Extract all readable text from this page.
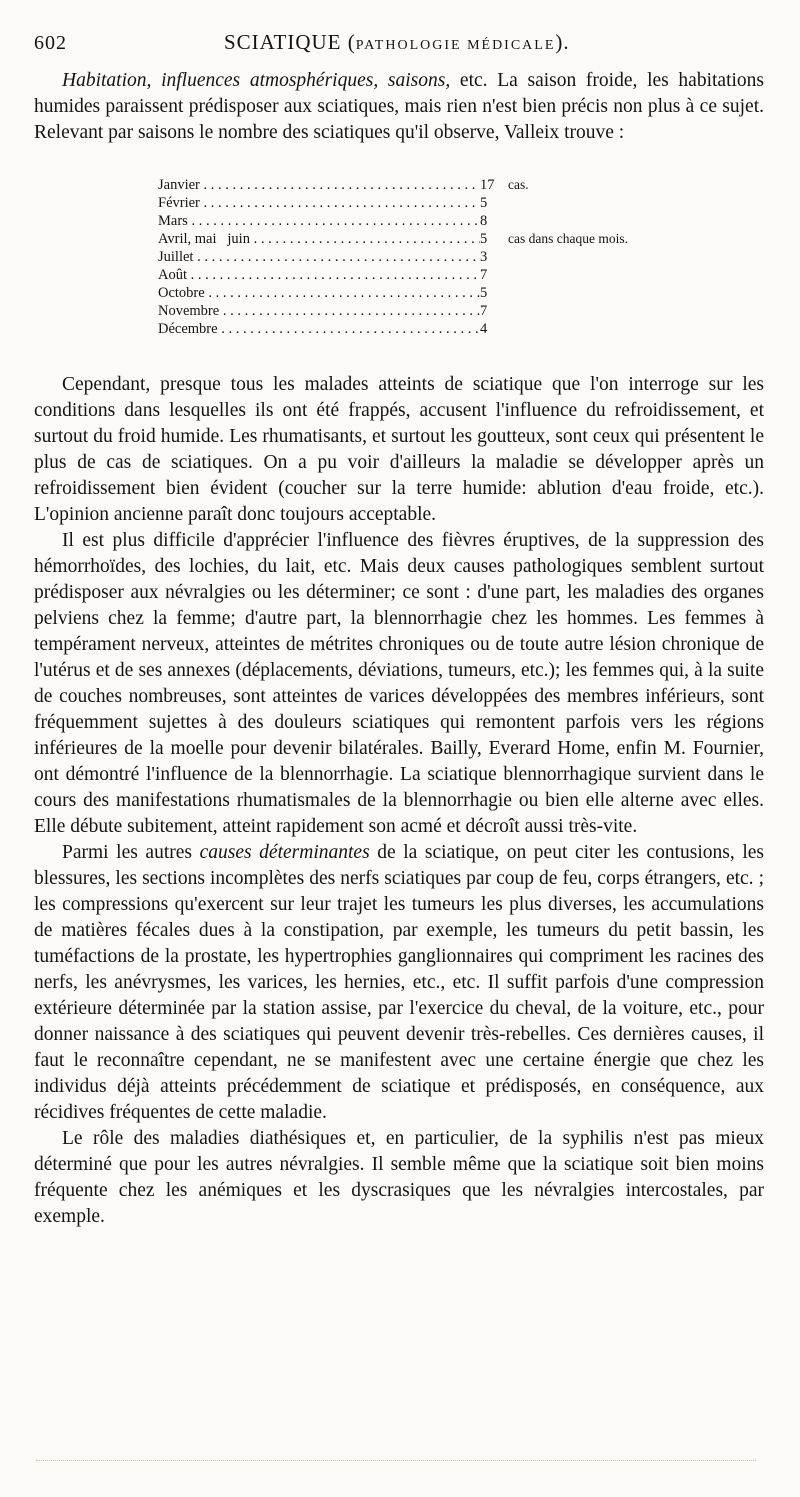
602	SCIATIQUE (PATHOLOGIE MÉDICALE).

Habitation, influences atmosphériques, saisons, etc. La saison froide, les habitations humides paraissent prédisposer aux sciatiques, mais rien n'est bien précis non plus à ce sujet. Relevant par saisons le nombre des sciatiques qu'il observe, Valleix trouve :

Janvier . . .	17	cas.
Février . . .	5
Mars . . .	8
Avril, mai   juin . . .	5	cas dans chaque mois.
Juillet . . .	3
Août . . .	7
Octobre . . .	5
Novembre . . .	7
Décembre . . .	4

Cependant, presque tous les malades atteints de sciatique que l'on interroge sur les conditions dans lesquelles ils ont été frappés, accusent l'influence du refroidissement, et surtout du froid humide. Les rhumatisants, et surtout les goutteux, sont ceux qui présentent le plus de cas de sciatiques. On a pu voir d'ailleurs la maladie se développer après un refroidissement bien évident (coucher sur la terre humide: ablution d'eau froide, etc.). L'opinion ancienne paraît donc toujours acceptable.

Il est plus difficile d'apprécier l'influence des fièvres éruptives, de la suppression des hémorrhoïdes, des lochies, du lait, etc. Mais deux causes pathologiques semblent surtout prédisposer aux névralgies ou les déterminer; ce sont : d'une part, les maladies des organes pelviens chez la femme; d'autre part, la blennorrhagie chez les hommes. Les femmes à tempérament nerveux, atteintes de métrites chroniques ou de toute autre lésion chronique de l'utérus et de ses annexes (déplacements, déviations, tumeurs, etc.); les femmes qui, à la suite de couches nombreuses, sont atteintes de varices développées des membres inférieurs, sont fréquemment sujettes à des douleurs sciatiques qui remontent parfois vers les régions inférieures de la moelle pour devenir bilatérales. Bailly, Everard Home, enfin M. Fournier, ont démontré l'influence de la blennorrhagie. La sciatique blennorrhagique survient dans le cours des manifestations rhumatismales de la blennorrhagie ou bien elle alterne avec elles. Elle débute subitement, atteint rapidement son acmé et décroît aussi très-vite.

Parmi les autres causes déterminantes de la sciatique, on peut citer les contusions, les blessures, les sections incomplètes des nerfs sciatiques par coup de feu, corps étrangers, etc. ; les compressions qu'exercent sur leur trajet les tumeurs les plus diverses, les accumulations de matières fécales dues à la constipation, par exemple, les tumeurs du petit bassin, les tuméfactions de la prostate, les hypertrophies ganglionnaires qui compriment les racines des nerfs, les anévrysmes, les varices, les hernies, etc., etc. Il suffit parfois d'une compression extérieure déterminée par la station assise, par l'exercice du cheval, de la voiture, etc., pour donner naissance à des sciatiques qui peuvent devenir très-rebelles. Ces dernières causes, il faut le reconnaître cependant, ne se manifestent avec une certaine énergie que chez les individus déjà atteints précédemment de sciatique et prédisposés, en conséquence, aux récidives fréquentes de cette maladie.

Le rôle des maladies diathésiques et, en particulier, de la syphilis n'est pas mieux déterminé que pour les autres névralgies. Il semble même que la sciatique soit bien moins fréquente chez les anémiques et les dyscrasiques que les névralgies intercostales, par exemple.
